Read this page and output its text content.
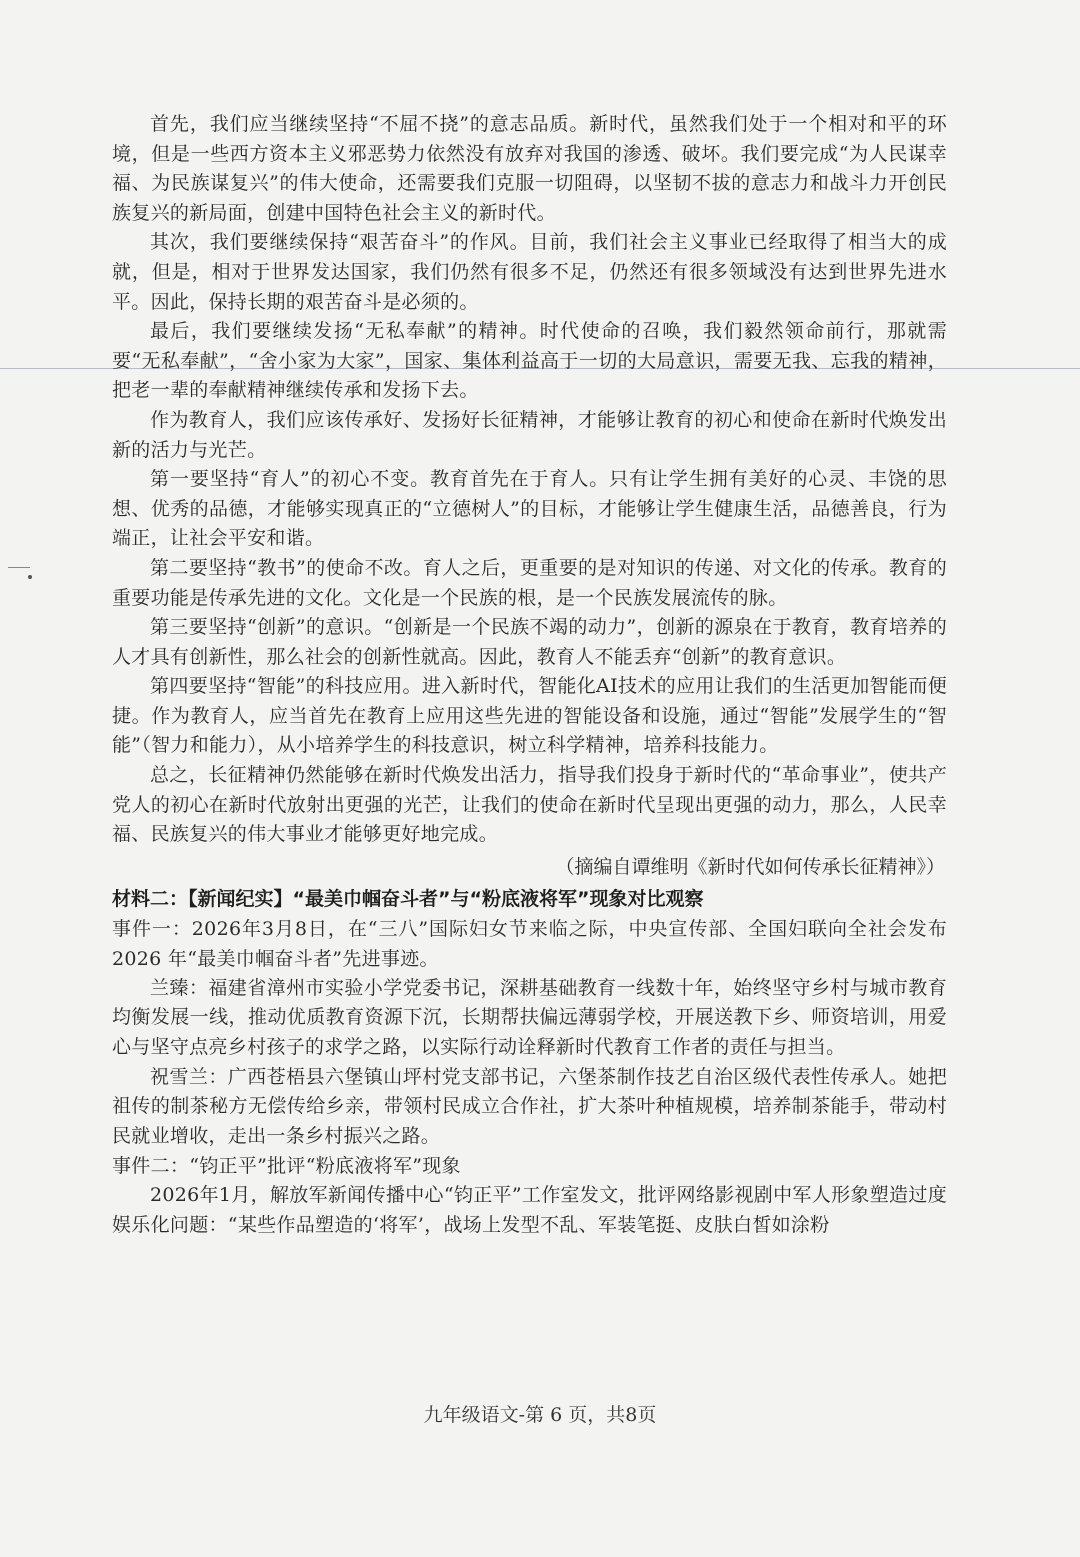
首先，我们应当继续坚持“不屈不挠”的意志品质。新时代，虽然我们处于一个相对和平的环境，但是一些西方资本主义邪恶势力依然没有放弃对我国的渗透、破坏。我们要完成“为人民谋幸福、为民族谋复兴”的伟大使命，还需要我们克服一切阻碍，以坚韧不拔的意志力和战斗力开创民族复兴的新局面，创建中国特色社会主义的新时代。

其次，我们要继续保持“艰苦奋斗”的作风。目前，我们社会主义事业已经取得了相当大的成就，但是，相对于世界发达国家，我们仍然有很多不足，仍然还有很多领域没有达到世界先进水平。因此，保持长期的艰苦奋斗是必须的。

最后，我们要继续发扬“无私奉献”的精神。时代使命的召唤，我们毅然领命前行，那就需要“无私奉献”，“舍小家为大家”，国家、集体利益高于一切的大局意识，需要无我、忘我的精神，把老一辈的奉献精神继续传承和发扬下去。

作为教育人，我们应该传承好、发扬好长征精神，才能够让教育的初心和使命在新时代焕发出新的活力与光芒。

第一要坚持“育人”的初心不变。教育首先在于育人。只有让学生拥有美好的心灵、丰饶的思想、优秀的品德，才能够实现真正的“立德树人”的目标，才能够让学生健康生活，品德善良，行为端正，让社会平安和谐。

第二要坚持“教书”的使命不改。育人之后，更重要的是对知识的传递、对文化的传承。教育的重要功能是传承先进的文化。文化是一个民族的根，是一个民族发展流传的脉。

第三要坚持“创新”的意识。“创新是一个民族不竭的动力”，创新的源泉在于教育，教育培养的人才具有创新性，那么社会的创新性就高。因此，教育人不能丢弃“创新”的教育意识。

第四要坚持“智能”的科技应用。进入新时代，智能化AI技术的应用让我们的生活更加智能而便捷。作为教育人，应当首先在教育上应用这些先进的智能设备和设施，通过“智能”发展学生的“智能”（智力和能力），从小培养学生的科技意识，树立科学精神，培养科技能力。

总之，长征精神仍然能够在新时代焕发出活力，指导我们投身于新时代的“革命事业”，使共产党人的初心在新时代放射出更强的光芒，让我们的使命在新时代呈现出更强的动力，那么，人民幸福、民族复兴的伟大事业才能够更好地完成。

（摘编自谭维明《新时代如何传承长征精神》）

材料二：【新闻纪实】“最美巾帼奋斗者”与“粉底液将军”现象对比观察

事件一：2026年3月8日，在“三八”国际妇女节来临之际，中央宣传部、全国妇联向全社会发布 2026 年“最美巾帼奋斗者”先进事迹。

兰臻：福建省漳州市实验小学党委书记，深耕基础教育一线数十年，始终坚守乡村与城市教育均衡发展一线，推动优质教育资源下沉，长期帮扶偏远薄弱学校，开展送教下乡、师资培训，用爱心与坚守点亮乡村孩子的求学之路，以实际行动诠释新时代教育工作者的责任与担当。

祝雪兰：广西苍梧县六堡镇山坪村党支部书记，六堡茶制作技艺自治区级代表性传承人。她把祖传的制茶秘方无偿传给乡亲，带领村民成立合作社，扩大茶叶种植规模，培养制茶能手，带动村民就业增收，走出一条乡村振兴之路。

事件二：“钧正平”批评“粉底液将军”现象

2026年1月，解放军新闻传播中心“钧正平”工作室发文，批评网络影视剧中军人形象塑造过度娱乐化问题：“某些作品塑造的‘将军’，战场上发型不乱、军装笔挺、皮肤白皙如涂粉

九年级语文-第 6 页，共8页
